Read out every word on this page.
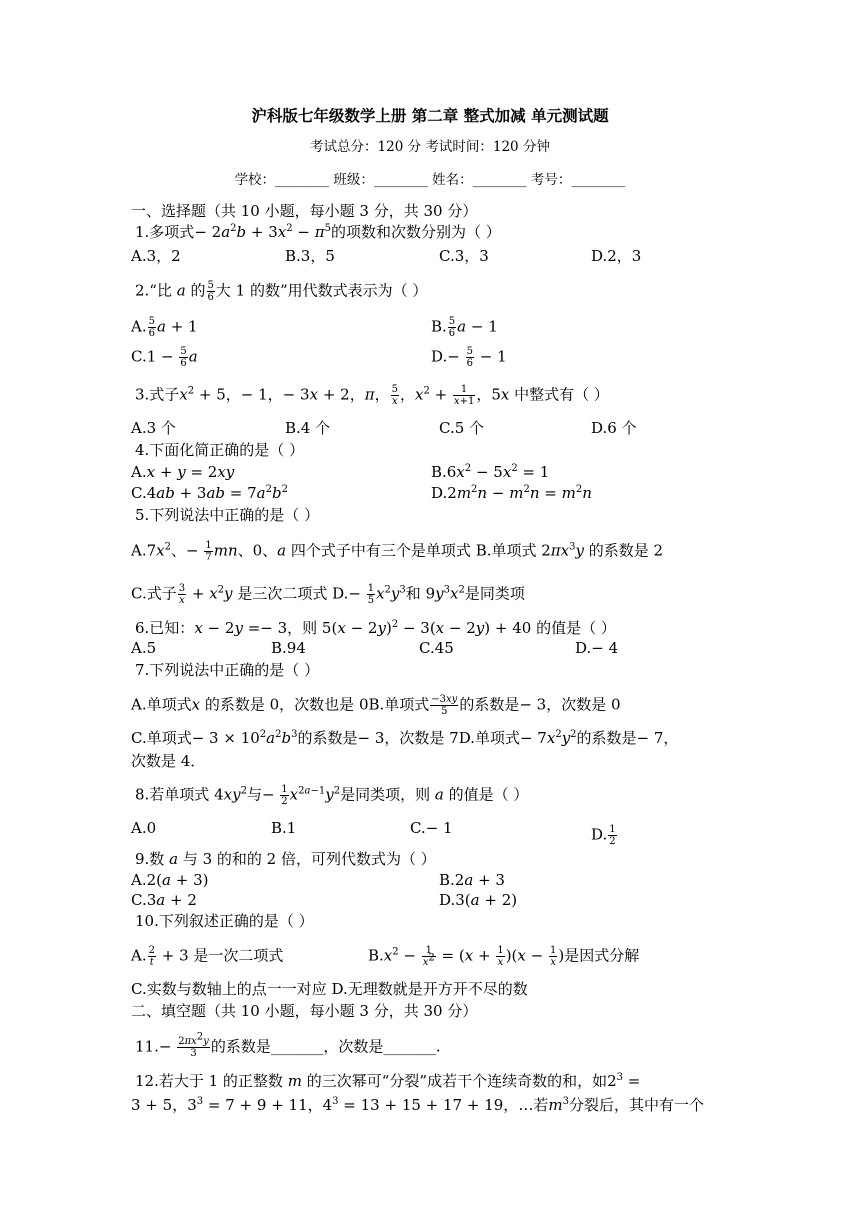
沪科版七年级数学上册 第二章 整式加减 单元测试题
考试总分：120 分 考试时间：120 分钟
学校：________ 班级：________ 姓名：________ 考号：________
一、选择题（共 10 小题，每小题 3 分，共 30 分）
1.多项式− $2a^2b + 3x^2 - \pi^5$的项数和次数分别为（ ）
A.3，2	B.3，5	C.3，3	D.2，3
2.“比 a 的 $\frac{5}{6}$ 大 1 的数”用代数式表示为（ ）
A. $\frac{5}{6}$ a + 1	B. $\frac{5}{6}$ a − 1
$C.1 - \frac{5}{6}$ a	$D.- \frac{5}{6} - 1$
3.式子$x^2 + 5$，− 1，− 3x + 2，π， $\frac{5}{x}$ ，$x^2 + \frac{1}{x+1}$ ，5x 中整式有（ ）
A.3 个	B.4 个	C.5 个	D.6 个
4.下面化简正确的是（ ）
A.x + y = 2xy	$B.6x^2 - 5x^2 = 1$
$C.4ab + 3ab = 7a^2b^2$	$D.2m^2n - m^2n = m^2n$
5.下列说法中正确的是（ ）
$A.7x^2$、− $\frac{1}{7}$ mn、0、a 四个式子中有三个是单项式 B.单项式 $2\pi x^3y$ 的系数是 2
C.式子 $\frac{3}{x} + x^2y$ 是三次二项式 $D.- \frac{1}{5} x^2y^3$和 $9y^3x^2$是同类项
6.已知：x − 2y =− 3，则 $5(x - 2y)^2 - 3(x - 2y) + 40$ 的值是（ ）
A.5	B.94	C.45	D.− 4
7.下列说法中正确的是（ ）
A.单项式x 的系数是 0，次数也是 0B.单项式 $\frac{-3xy}{5}$ 的系数是− 3，次数是 0
C.单项式− $3 \times 10^2a^2b^3$的系数是− 3，次数是 7D.单项式− $7x^2y^2$的系数是− 7，
次数是 4．
8.若单项式 $4xy^2$与− $\frac{1}{2} x^{2a-1}y^2$是同类项，则 a 的值是（ ）
A.0	B.1	C.− 1	D. $\frac{1}{2}$
9.数 a 与 3 的和的 2 倍，可列代数式为（ ）
A.2(a + 3)	B.2a + 3
C.3a + 2	D.3(a + 2)
10.下列叙述正确的是（ ）
A. $\frac{2}{t} + 3$ 是一次二项式	$B.x^2 - \frac{1}{x^2} = (x + \frac{1}{x} )(x - \frac{1}{x}$ )是因式分解
C.实数与数轴上的点一一对应 D.无理数就是开方开不尽的数
二、填空题（共 10 小题，每小题 3 分，共 30 分）
$11.- \frac{2\pi x^2y}{3}$ 的系数是_______，次数是_______.
12.若大于 1 的正整数 m 的三次幂可“分裂”成若干个连续奇数的和，如$2^3$ =
3 + 5，$3^3 = 7 + 9 + 11$，$4^3 = 13 + 15 + 17 + 19$，…若$m^3$分裂后，其中有一个
